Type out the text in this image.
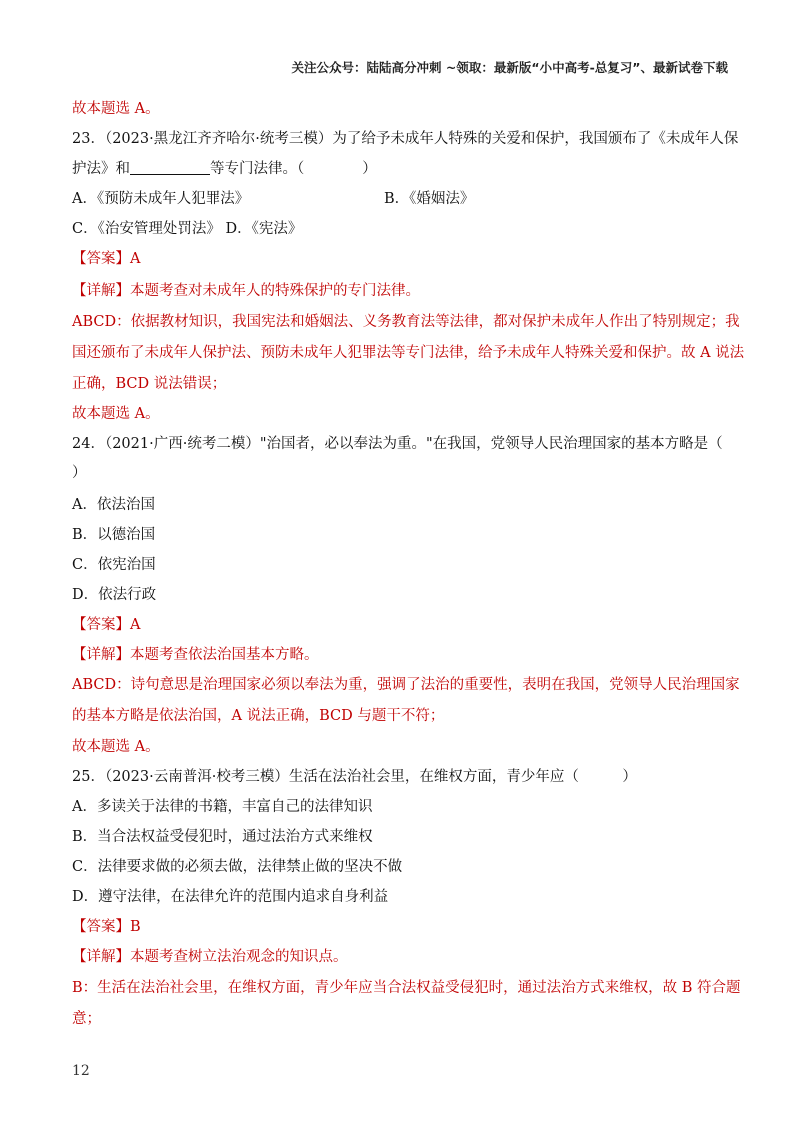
关注公众号：陆陆高分冲刺 ~领取：最新版“小中高考-总复习”、最新试卷下载
故本题选 A。
23．（2023·黑龙江齐齐哈尔·统考三模）为了给予未成年人特殊的关爱和保护，我国颁布了《未成年人保
护法》和	等专门法律。（　　　　）
A．《预防未成年人犯罪法》	B．《婚姻法》
C．《治安管理处罚法》 D．《宪法》
【答案】A
【详解】本题考查对未成年人的特殊保护的专门法律。
ABCD：依据教材知识，我国宪法和婚姻法、义务教育法等法律，都对保护未成年人作出了特别规定；我
国还颁布了未成年人保护法、预防未成年人犯罪法等专门法律，给予未成年人特殊关爱和保护。故 A 说法
正确，BCD 说法错误；
故本题选 A。
24．（2021·广西·统考二模）"治国者，必以奉法为重。"在我国，党领导人民治理国家的基本方略是（
）
A．依法治国
B．以德治国
C．依宪治国
D．依法行政
【答案】A
【详解】本题考查依法治国基本方略。
ABCD：诗句意思是治理国家必须以奉法为重，强调了法治的重要性，表明在我国，党领导人民治理国家
的基本方略是依法治国，A 说法正确，BCD 与题干不符；
故本题选 A。
25．（2023·云南普洱·校考三模）生活在法治社会里，在维权方面，青少年应（　　　）
A．多读关于法律的书籍，丰富自己的法律知识
B．当合法权益受侵犯时，通过法治方式来维权
C．法律要求做的必须去做，法律禁止做的坚决不做
D．遵守法律，在法律允许的范围内追求自身利益
【答案】B
【详解】本题考查树立法治观念的知识点。
B：生活在法治社会里，在维权方面，青少年应当合法权益受侵犯时，通过法治方式来维权，故 B 符合题
意；
12
